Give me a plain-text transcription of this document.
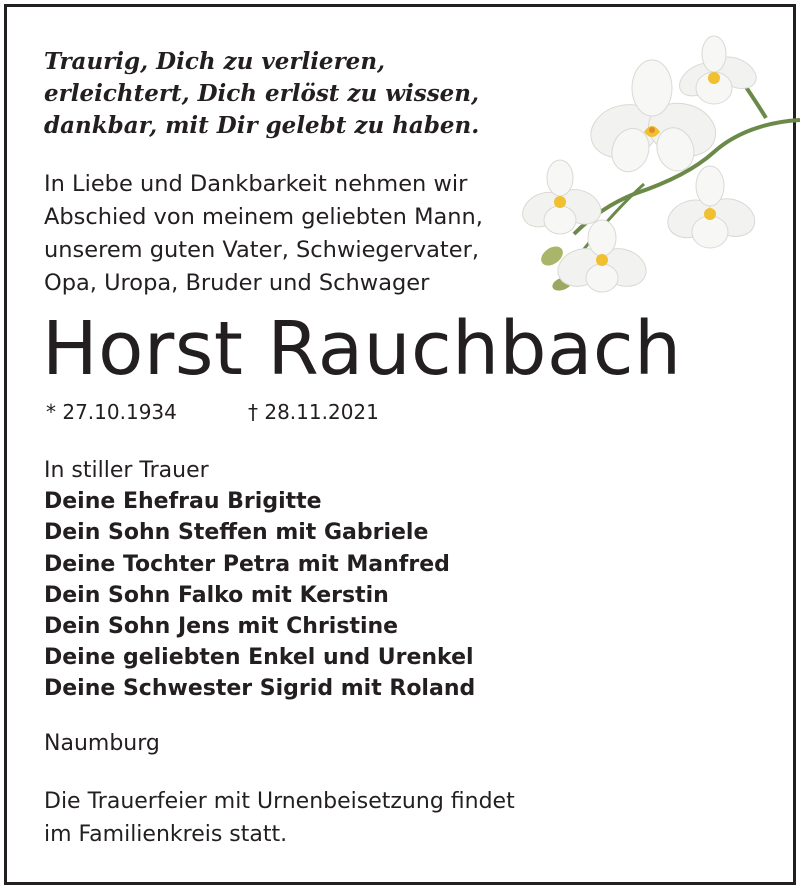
Traurig, Dich zu verlieren,
erleichtert, Dich erlöst zu wissen,
dankbar, mit Dir gelebt zu haben.
In Liebe und Dankbarkeit nehmen wir
Abschied von meinem geliebten Mann,
unserem guten Vater, Schwiegervater,
Opa, Uropa, Bruder und Schwager
Horst Rauchbach
* 27.10.1934	† 28.11.2021
In stiller Trauer
Deine Ehefrau Brigitte
Dein Sohn Steffen mit Gabriele
Deine Tochter Petra mit Manfred
Dein Sohn Falko mit Kerstin
Dein Sohn Jens mit Christine
Deine geliebten Enkel und Urenkel
Deine Schwester Sigrid mit Roland
Naumburg
Die Trauerfeier mit Urnenbeisetzung findet
im Familienkreis statt.
